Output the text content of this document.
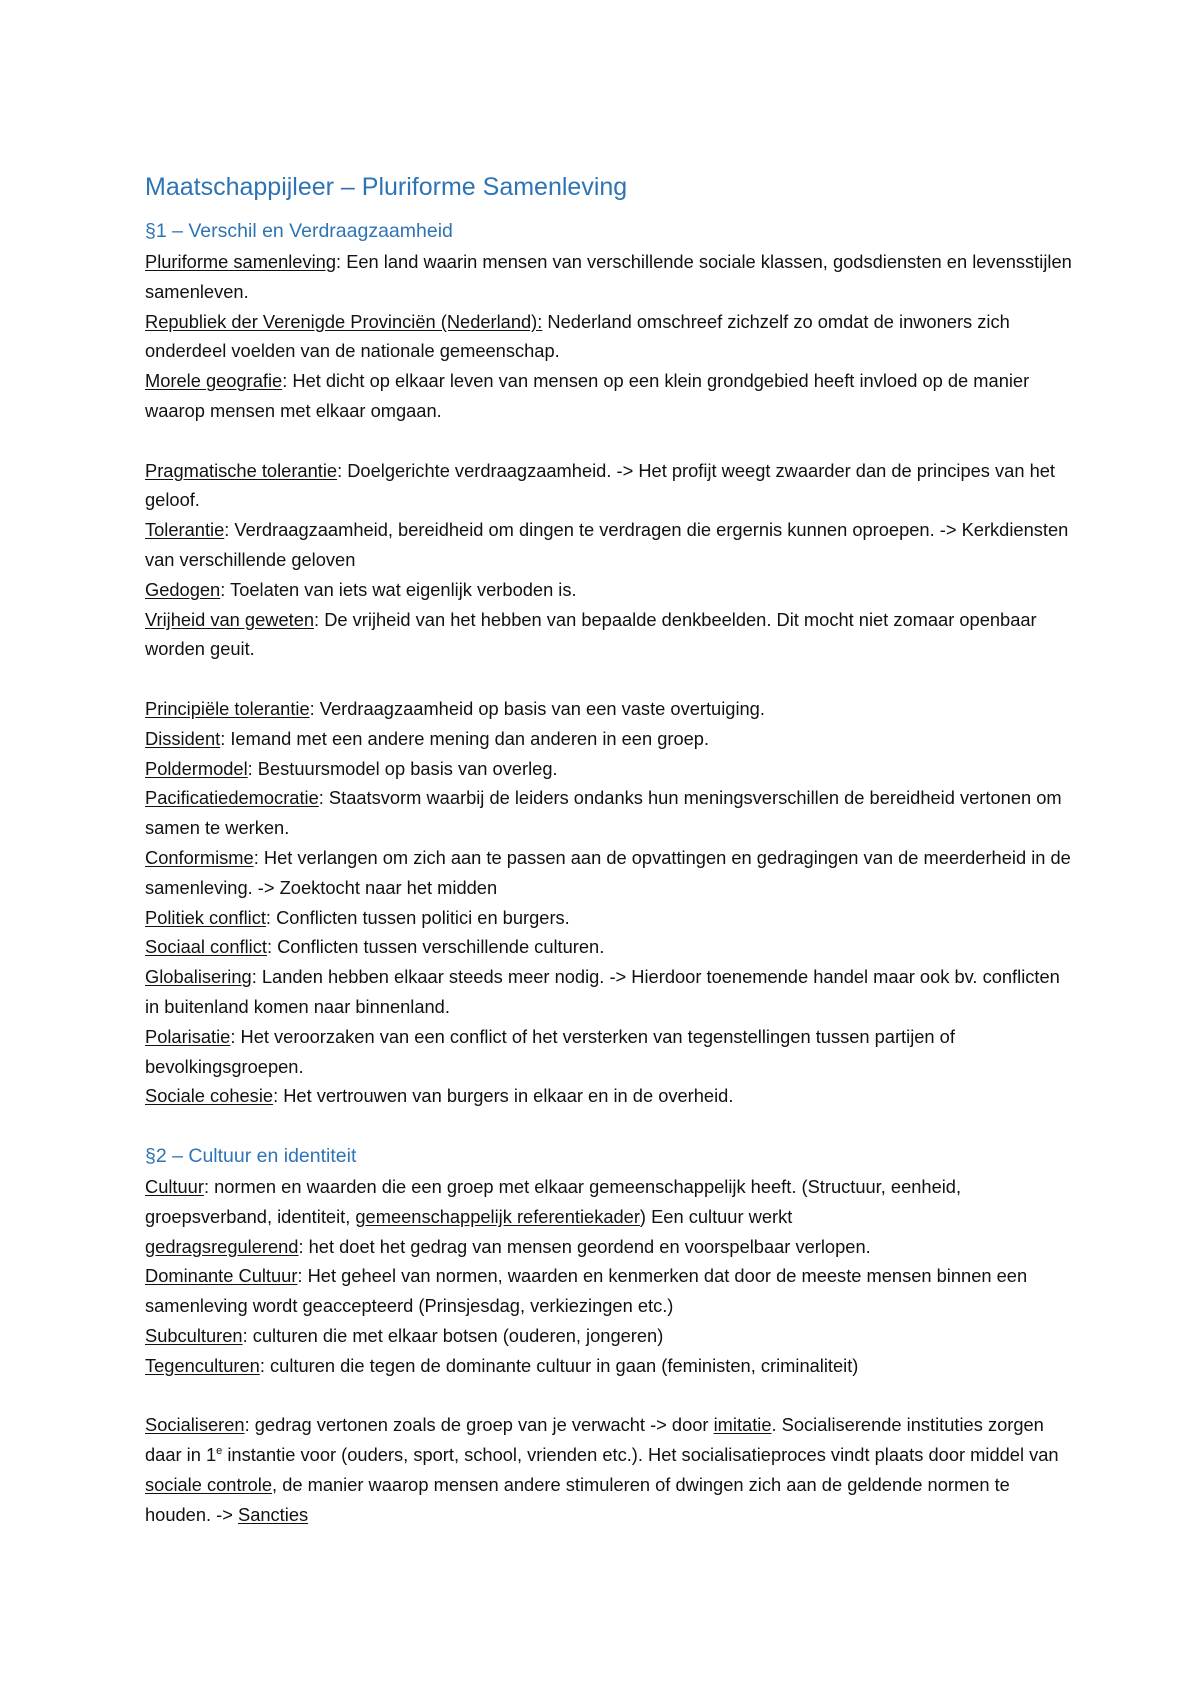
Maatschappijleer – Pluriforme Samenleving
§1 – Verschil en Verdraagzaamheid

Pluriforme samenleving: Een land waarin mensen van verschillende sociale klassen, godsdiensten en levensstijlen samenleven.

Republiek der Verenigde Provinciën (Nederland): Nederland omschreef zichzelf zo omdat de inwoners zich onderdeel voelden van de nationale gemeenschap.

Morele geografie: Het dicht op elkaar leven van mensen op een klein grondgebied heeft invloed op de manier waarop mensen met elkaar omgaan.

Pragmatische tolerantie: Doelgerichte verdraagzaamheid. -> Het profijt weegt zwaarder dan de principes van het geloof.

Tolerantie: Verdraagzaamheid, bereidheid om dingen te verdragen die ergernis kunnen oproepen. -> Kerkdiensten van verschillende geloven

Gedogen: Toelaten van iets wat eigenlijk verboden is.

Vrijheid van geweten: De vrijheid van het hebben van bepaalde denkbeelden. Dit mocht niet zomaar openbaar worden geuit.

Principiële tolerantie: Verdraagzaamheid op basis van een vaste overtuiging.

Dissident: Iemand met een andere mening dan anderen in een groep.

Poldermodel: Bestuursmodel op basis van overleg.

Pacificatiedemocratie: Staatsvorm waarbij de leiders ondanks hun meningsverschillen de bereidheid vertonen om samen te werken.

Conformisme: Het verlangen om zich aan te passen aan de opvattingen en gedragingen van de meerderheid in de samenleving. -> Zoektocht naar het midden

Politiek conflict: Conflicten tussen politici en burgers.

Sociaal conflict: Conflicten tussen verschillende culturen.

Globalisering: Landen hebben elkaar steeds meer nodig. -> Hierdoor toenemende handel maar ook bv. conflicten in buitenland komen naar binnenland.

Polarisatie: Het veroorzaken van een conflict of het versterken van tegenstellingen tussen partijen of bevolkingsgroepen.

Sociale cohesie: Het vertrouwen van burgers in elkaar en in de overheid.

§2 – Cultuur en identiteit

Cultuur: normen en waarden die een groep met elkaar gemeenschappelijk heeft. (Structuur, eenheid, groepsverband, identiteit, gemeenschappelijk referentiekader) Een cultuur werkt

gedragsregulerend: het doet het gedrag van mensen geordend en voorspelbaar verlopen.

Dominante Cultuur: Het geheel van normen, waarden en kenmerken dat door de meeste mensen binnen een samenleving wordt geaccepteerd (Prinsjesdag, verkiezingen etc.)

Subculturen: culturen die met elkaar botsen (ouderen, jongeren)

Tegenculturen: culturen die tegen de dominante cultuur in gaan (feministen, criminaliteit)

Socialiseren: gedrag vertonen zoals de groep van je verwacht -> door imitatie. Socialiserende instituties zorgen daar in 1e instantie voor (ouders, sport, school, vrienden etc.). Het socialisatieproces vindt plaats door middel van sociale controle, de manier waarop mensen andere stimuleren of dwingen zich aan de geldende normen te houden. -> Sancties
